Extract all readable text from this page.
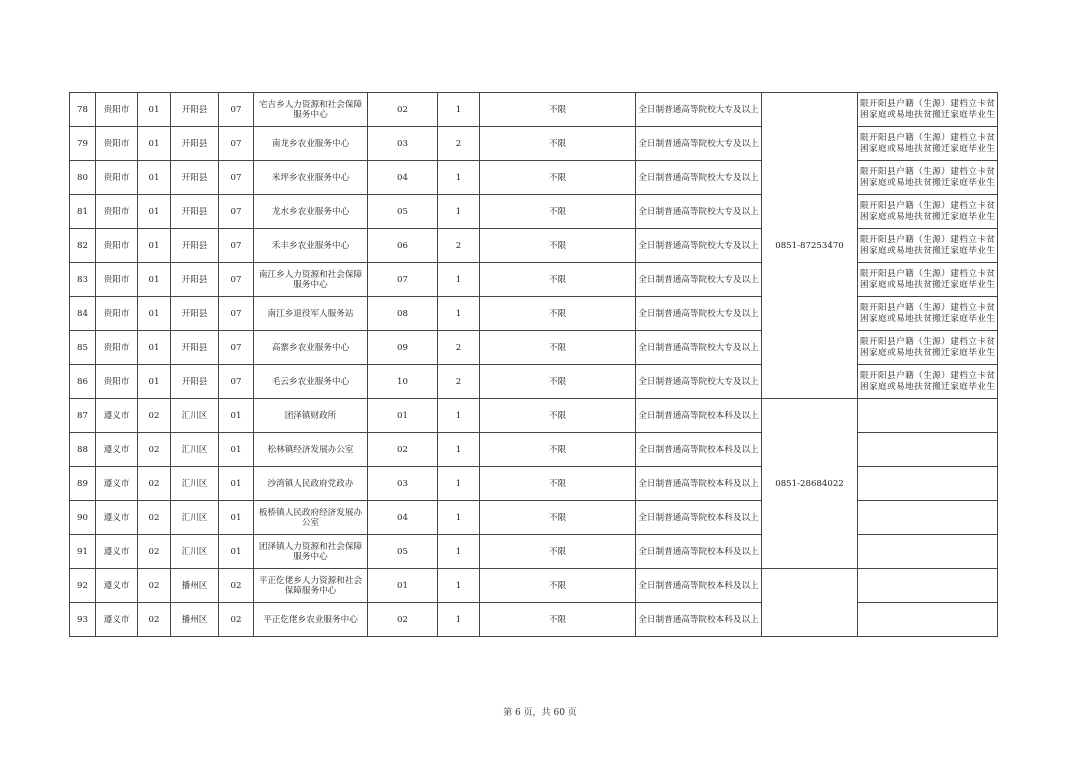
78	贵阳市	01	开阳县	07	宅吉乡人力资源和社会保障服务中心	02	1	不限	全日制普通高等院校大专及以上	0851-87253470	限开阳县户籍（生源）建档立卡贫困家庭或易地扶贫搬迁家庭毕业生
79	贵阳市	01	开阳县	07	南龙乡农业服务中心	03	2	不限	全日制普通高等院校大专及以上		限开阳县户籍（生源）建档立卡贫困家庭或易地扶贫搬迁家庭毕业生
80	贵阳市	01	开阳县	07	米坪乡农业服务中心	04	1	不限	全日制普通高等院校大专及以上		限开阳县户籍（生源）建档立卡贫困家庭或易地扶贫搬迁家庭毕业生
81	贵阳市	01	开阳县	07	龙水乡农业服务中心	05	1	不限	全日制普通高等院校大专及以上		限开阳县户籍（生源）建档立卡贫困家庭或易地扶贫搬迁家庭毕业生
82	贵阳市	01	开阳县	07	禾丰乡农业服务中心	06	2	不限	全日制普通高等院校大专及以上		限开阳县户籍（生源）建档立卡贫困家庭或易地扶贫搬迁家庭毕业生
83	贵阳市	01	开阳县	07	南江乡人力资源和社会保障服务中心	07	1	不限	全日制普通高等院校大专及以上		限开阳县户籍（生源）建档立卡贫困家庭或易地扶贫搬迁家庭毕业生
84	贵阳市	01	开阳县	07	南江乡退役军人服务站	08	1	不限	全日制普通高等院校大专及以上		限开阳县户籍（生源）建档立卡贫困家庭或易地扶贫搬迁家庭毕业生
85	贵阳市	01	开阳县	07	高寨乡农业服务中心	09	2	不限	全日制普通高等院校大专及以上		限开阳县户籍（生源）建档立卡贫困家庭或易地扶贫搬迁家庭毕业生
86	贵阳市	01	开阳县	07	毛云乡农业服务中心	10	2	不限	全日制普通高等院校大专及以上		限开阳县户籍（生源）建档立卡贫困家庭或易地扶贫搬迁家庭毕业生
87	遵义市	02	汇川区	01	团泽镇财政所	01	1	不限	全日制普通高等院校本科及以上	0851-28684022	
88	遵义市	02	汇川区	01	松林镇经济发展办公室	02	1	不限	全日制普通高等院校本科及以上		
89	遵义市	02	汇川区	01	沙湾镇人民政府党政办	03	1	不限	全日制普通高等院校本科及以上		
90	遵义市	02	汇川区	01	板桥镇人民政府经济发展办公室	04	1	不限	全日制普通高等院校本科及以上		
91	遵义市	02	汇川区	01	团泽镇人力资源和社会保障服务中心	05	1	不限	全日制普通高等院校本科及以上		
92	遵义市	02	播州区	02	平正仡佬乡人力资源和社会保障服务中心	01	1	不限	全日制普通高等院校本科及以上		
93	遵义市	02	播州区	02	平正仡佬乡农业服务中心	02	1	不限	全日制普通高等院校本科及以上		
第 6 页，共 60 页
